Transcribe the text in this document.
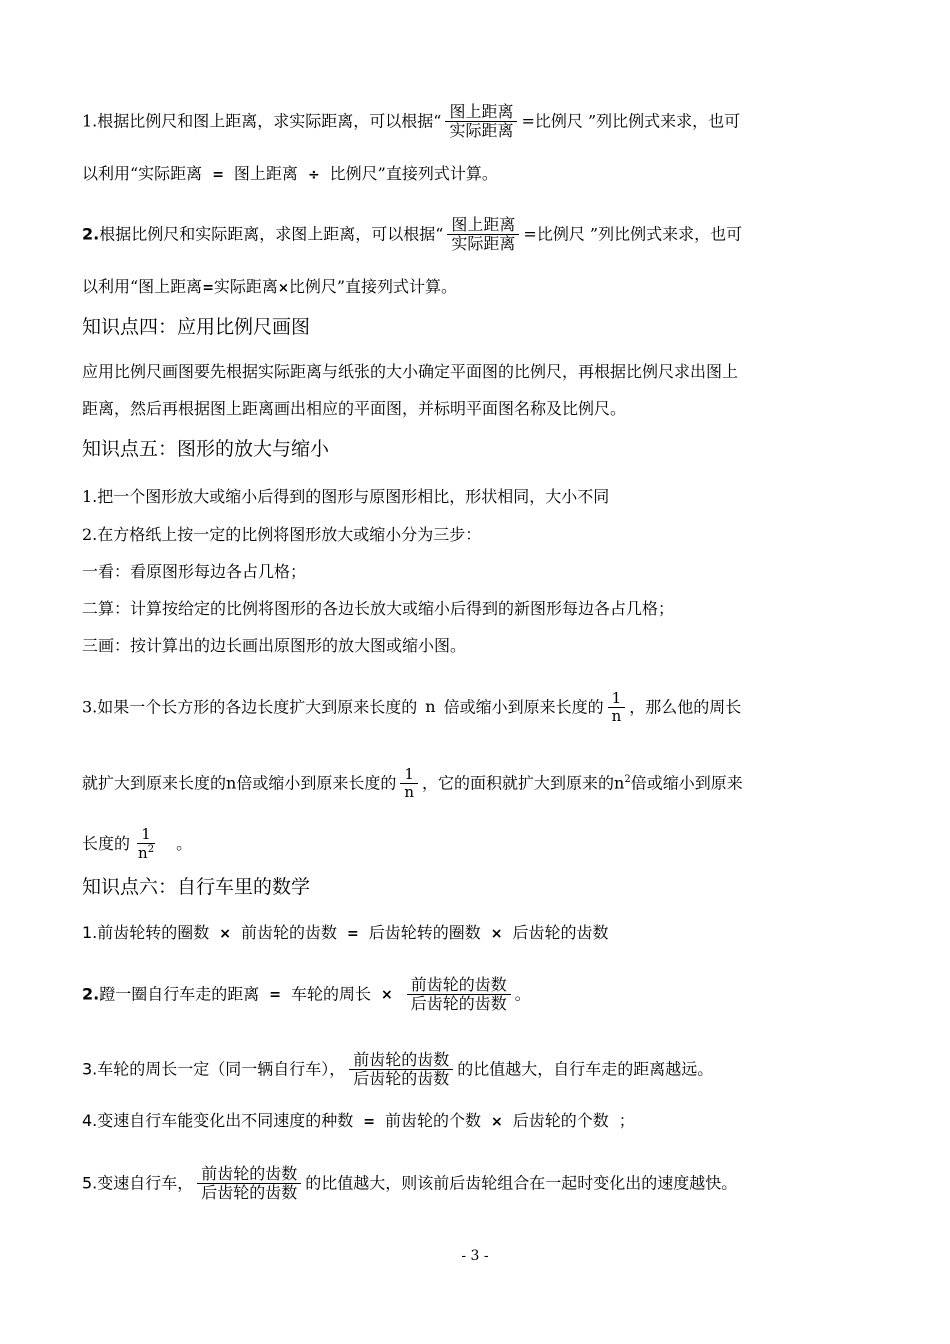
1.根据比例尺和图上距离，求实际距离，可以根据“ $\frac{\text{图上距离}}{\text{实际距离}}$ =比例尺 ”列比例式来求，也可
以利用“实际距离 = 图上距离 ÷ 比例尺”直接列式计算。
2.根据比例尺和实际距离，求图上距离，可以根据“ $\frac{\text{图上距离}}{\text{实际距离}}$ =比例尺 ”列比例式来求，也可
以利用“图上距离=实际距离×比例尺”直接列式计算。
知识点四：应用比例尺画图
应用比例尺画图要先根据实际距离与纸张的大小确定平面图的比例尺，再根据比例尺求出图上
距离，然后再根据图上距离画出相应的平面图，并标明平面图名称及比例尺。
知识点五：图形的放大与缩小
1.把一个图形放大或缩小后得到的图形与原图形相比，形状相同，大小不同
2.在方格纸上按一定的比例将图形放大或缩小分为三步：
一看：看原图形每边各占几格；
二算：计算按给定的比例将图形的各边长放大或缩小后得到的新图形每边各占几格；
三画：按计算出的边长画出原图形的放大图或缩小图。
3.如果一个长方形的各边长度扩大到原来长度的 n 倍或缩小到原来长度的 $\frac{1}{n}$ ，那么他的周长
就扩大到原来长度的n倍或缩小到原来长度的 $\frac{1}{n}$ ，它的面积就扩大到原来的$n^2$倍或缩小到原来
长度的 $\frac{1}{n^2}$ 。
知识点六：自行车里的数学
1.前齿轮转的圈数 × 前齿轮的齿数 = 后齿轮转的圈数 × 后齿轮的齿数
2.蹬一圈自行车走的距离 = 车轮的周长 × $\frac{\text{前齿轮的齿数}}{\text{后齿轮的齿数}}$ 。
3.车轮的周长一定（同一辆自行车）， $\frac{\text{前齿轮的齿数}}{\text{后齿轮的齿数}}$ 的比值越大，自行车走的距离越远。
4.变速自行车能变化出不同速度的种数 = 前齿轮的个数 × 后齿轮的个数 ；
5.变速自行车， $\frac{\text{前齿轮的齿数}}{\text{后齿轮的齿数}}$ 的比值越大，则该前后齿轮组合在一起时变化出的速度越快。
- 3 -
